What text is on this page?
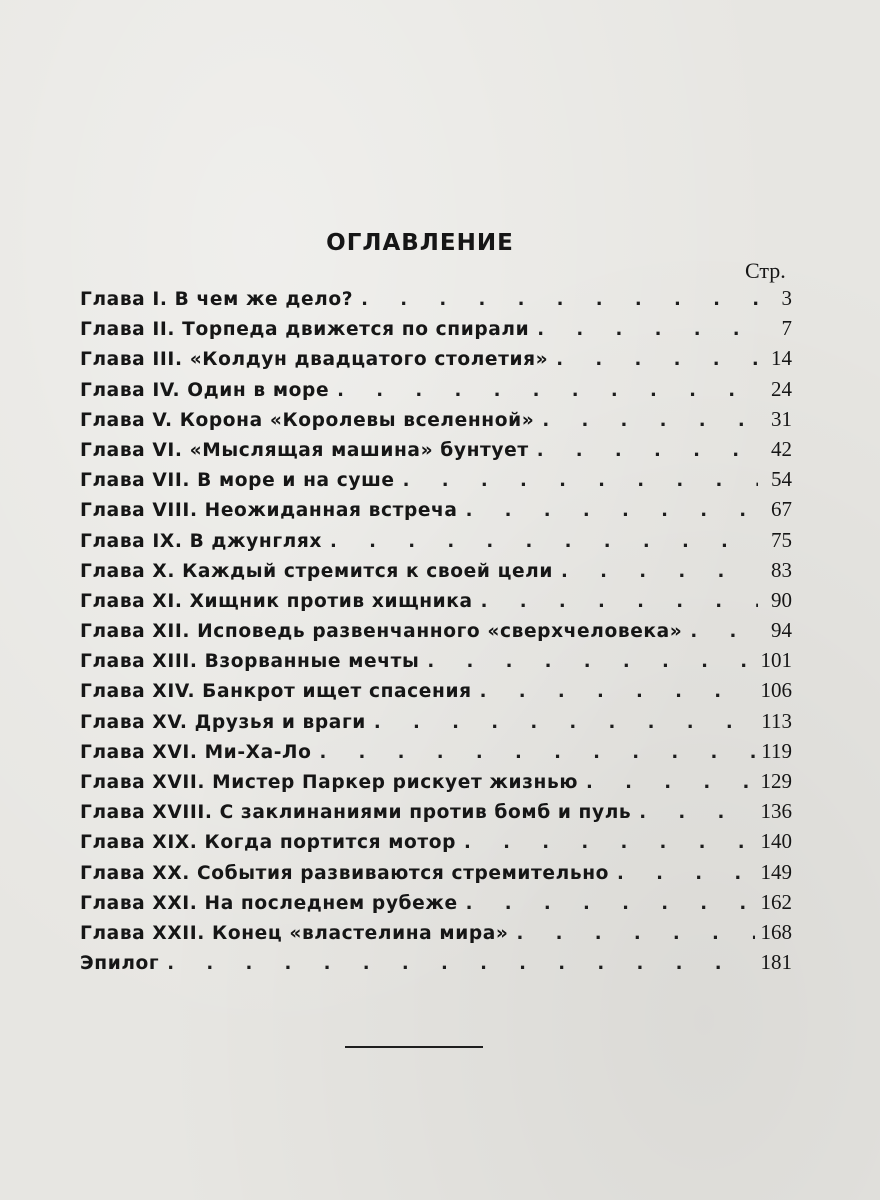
ОГЛАВЛЕНИЕ
Стр.
Глава I. В чем же дело? . . .	3
Глава II. Торпеда движется по спирали . . .	7
Глава III. «Колдун двадцатого столетия» . . .	14
Глава IV. Один в море . . .	24
Глава V. Корона «Королевы вселенной» . . .	31
Глава VI. «Мыслящая машина» бунтует . . .	42
Глава VII. В море и на суше . . .	54
Глава VIII. Неожиданная встреча . . .	67
Глава IX. В джунглях . . .	75
Глава X. Каждый стремится к своей цели . . .	83
Глава XI. Хищник против хищника . . .	90
Глава XII. Исповедь развенчанного «сверхчеловека» . . .	94
Глава XIII. Взорванные мечты . . .	101
Глава XIV. Банкрот ищет спасения . . .	106
Глава XV. Друзья и враги . . .	113
Глава XVI. Ми-Ха-Ло . . .	119
Глава XVII. Мистер Паркер рискует жизнью . . .	129
Глава XVIII. С заклинаниями против бомб и пуль . . .	136
Глава XIX. Когда портится мотор . . .	140
Глава XX. События развиваются стремительно . . .	149
Глава XXI. На последнем рубеже . . .	162
Глава XXII. Конец «властелина мира» . . .	168
Эпилог . . .	181
